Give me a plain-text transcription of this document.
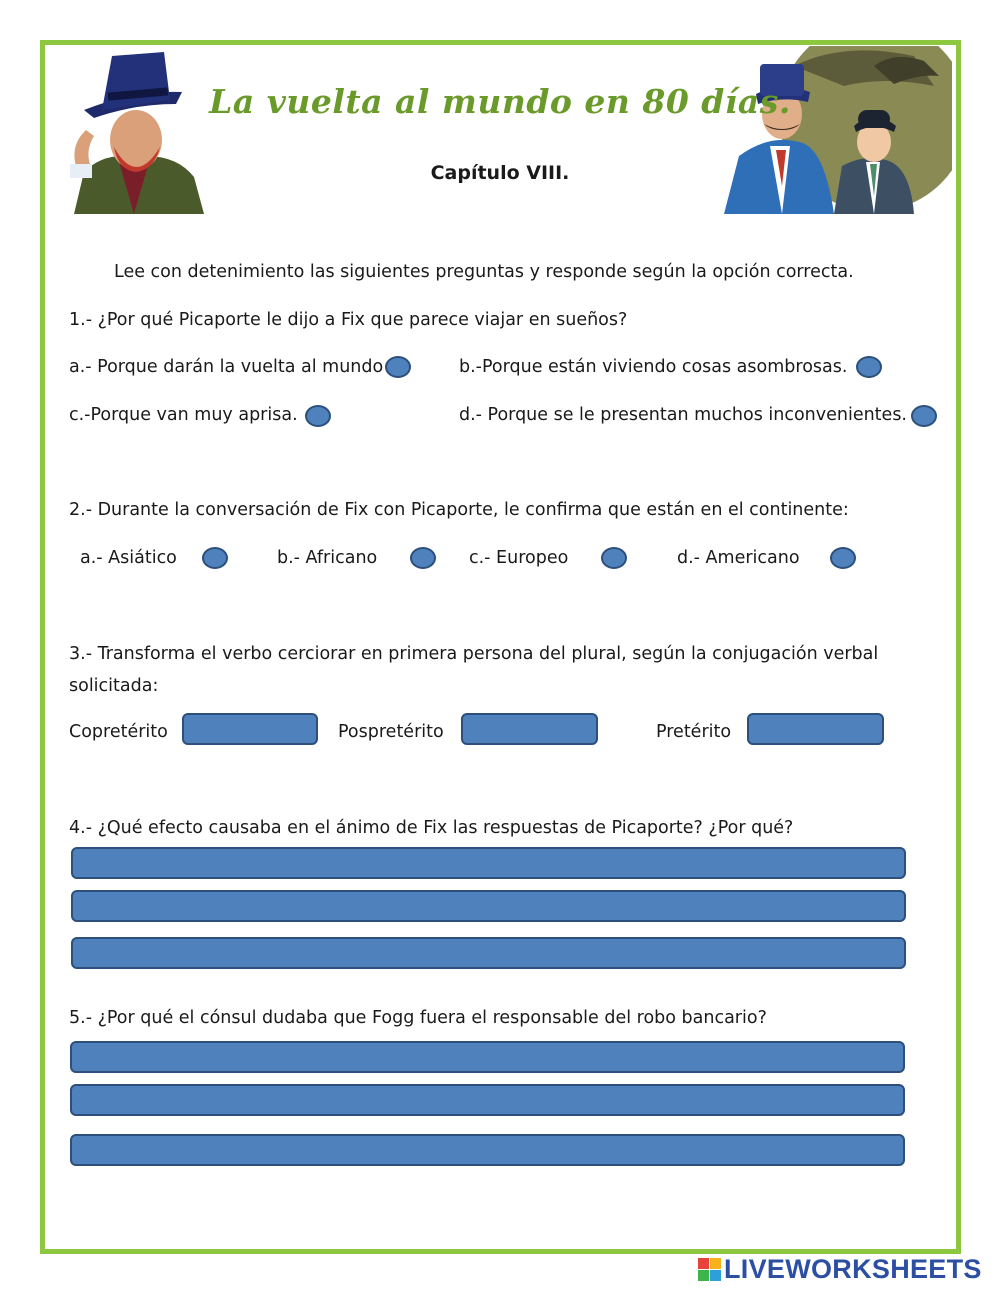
La vuelta al mundo en 80 días.
Capítulo VIII.
Lee con detenimiento las siguientes preguntas y responde según la opción correcta.
1.- ¿Por qué Picaporte le dijo a Fix que parece viajar en sueños?
a.- Porque darán la vuelta al mundo	b.-Porque están viviendo cosas asombrosas.
c.-Porque van muy aprisa.	d.- Porque se le presentan muchos inconvenientes.
2.- Durante la conversación de Fix con Picaporte, le confirma que están en el continente:
a.- Asiático	b.- Africano	c.- Europeo	d.- Americano
3.- Transforma el verbo cerciorar en primera persona del plural, según la conjugación verbal
solicitada:
Copretérito	Pospretérito	Pretérito
4.- ¿Qué efecto causaba en el ánimo de Fix las respuestas de Picaporte? ¿Por qué?
5.- ¿Por qué el cónsul dudaba que Fogg fuera el responsable del robo bancario?
LIVEWORKSHEETS
